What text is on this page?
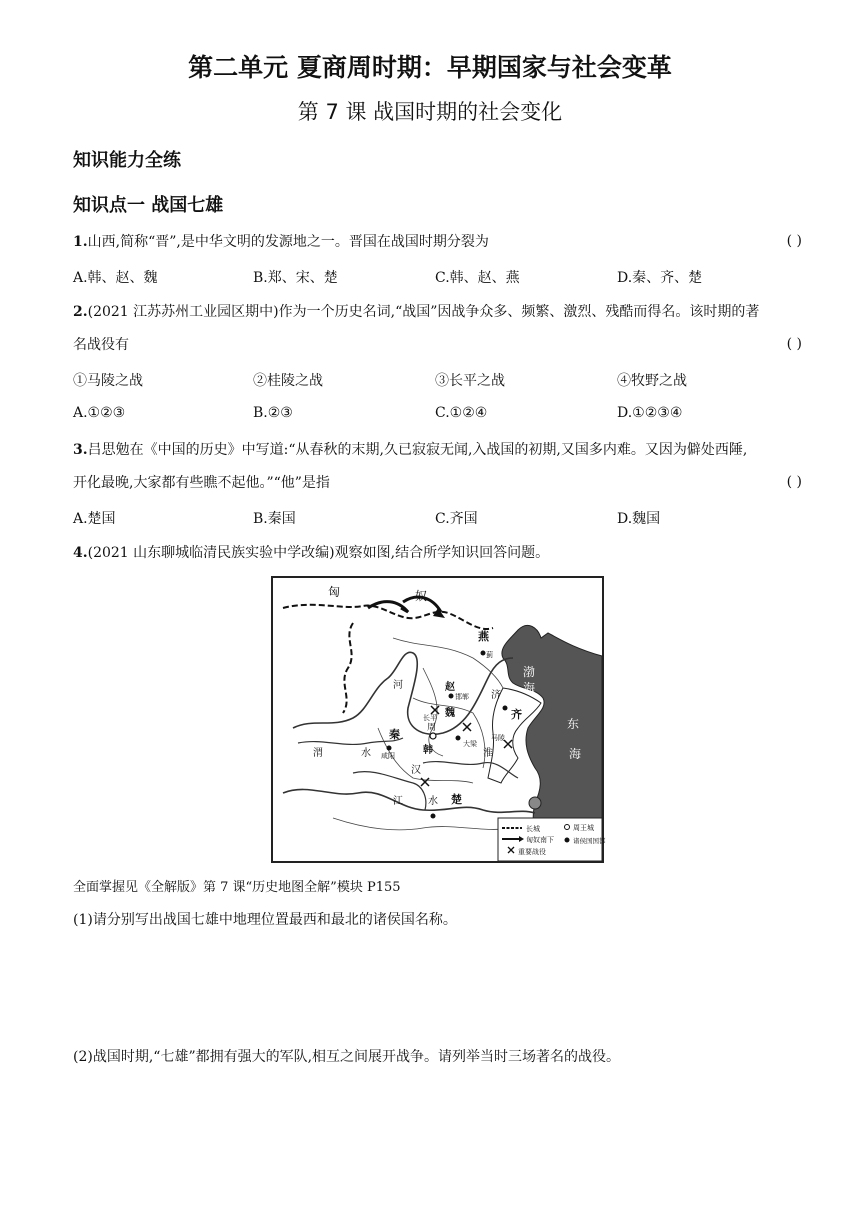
第二单元 夏商周时期：早期国家与社会变革
第 7 课 战国时期的社会变化
知识能力全练
知识点一 战国七雄
1.山西,简称“晋”,是中华文明的发源地之一。晋国在战国时期分裂为	( )
A.韩、赵、魏	B.郑、宋、楚	C.韩、赵、燕	D.秦、齐、楚
2.(2021 江苏苏州工业园区期中)作为一个历史名词,“战国”因战争众多、频繁、激烈、残酷而得名。该时期的著
名战役有	( )
①马陵之战	②桂陵之战	③长平之战	④牧野之战
A.①②③	B.②③	C.①②④	D.①②③④
3.吕思勉在《中国的历史》中写道:“从春秋的末期,久已寂寂无闻,入战国的初期,又国多内难。又因为僻处西陲,
开化最晚,大家都有些瞧不起他。”“他”是指	( )
A.楚国	B.秦国	C.齐国	D.魏国
4.(2021 山东聊城临清民族实验中学改编)观察如图,结合所学知识回答问题。
匈	奴
燕
蓟
渤
海
东
海
齐
赵
邯郸
魏
大梁
韩
周
秦
咸阳
楚
河
渭	水
汉
江	水
淮
济
长平
马陵
长城
匈奴南下
重要战役
周王城
诸侯国国都
全面掌握见《全解版》第 7 课“历史地图全解”模块 P155
(1)请分别写出战国七雄中地理位置最西和最北的诸侯国名称。
(2)战国时期,“七雄”都拥有强大的军队,相互之间展开战争。请列举当时三场著名的战役。
